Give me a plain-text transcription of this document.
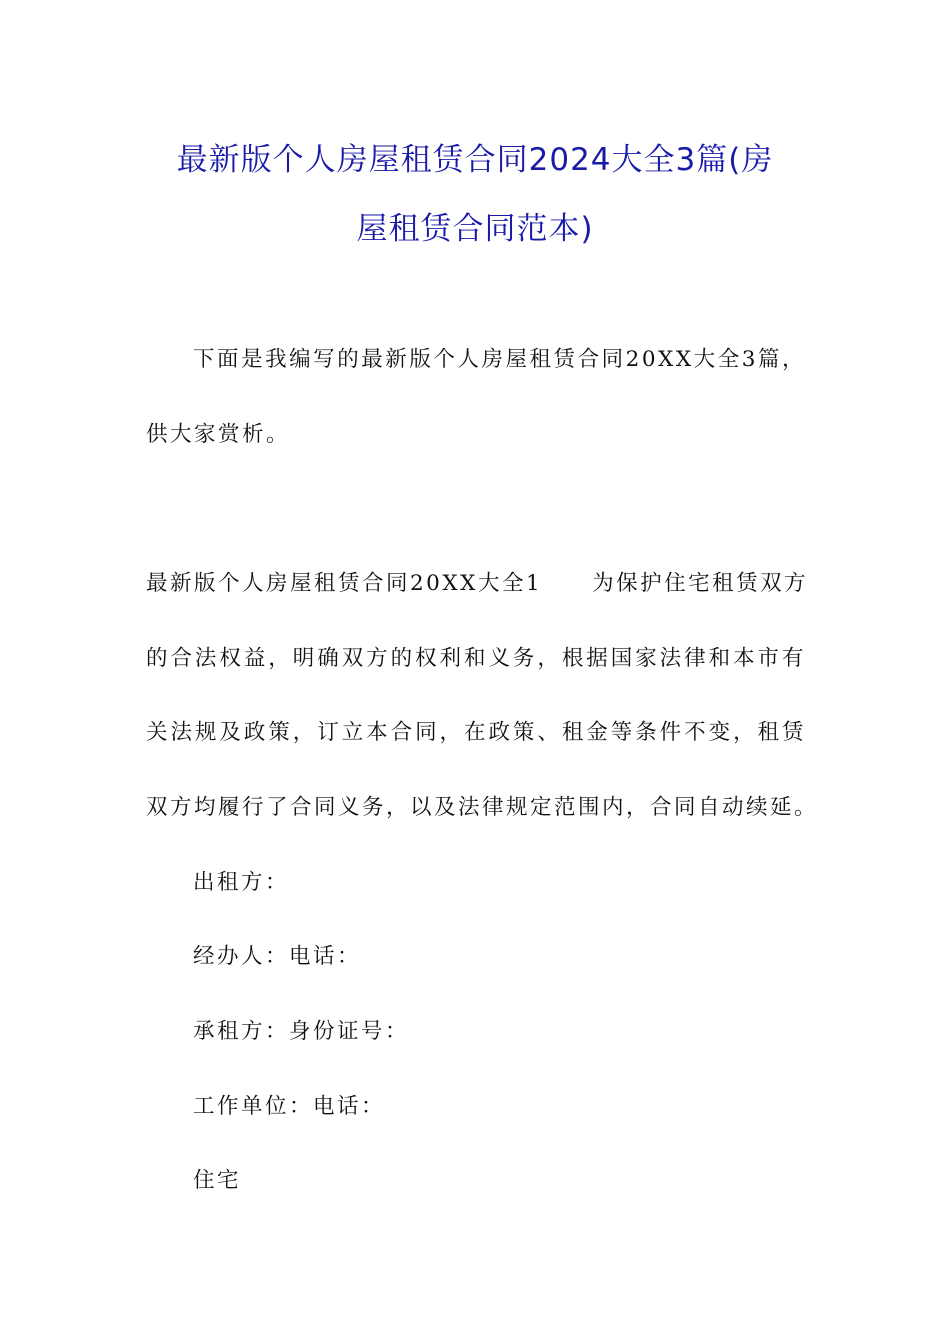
最新版个人房屋租赁合同2024大全3篇(房
屋租赁合同范本)

下面是我编写的最新版个人房屋租赁合同20XX大全3篇，

供大家赏析。

最新版个人房屋租赁合同20XX大全1 为保护住宅租赁双方

的合法权益，明确双方的权利和义务，根据国家法律和本市有

关法规及政策，订立本合同，在政策、租金等条件不变，租赁

双方均履行了合同义务，以及法律规定范围内，合同自动续延。

出租方：

经办人：电话：

承租方：身份证号：

工作单位：电话：

住宅
